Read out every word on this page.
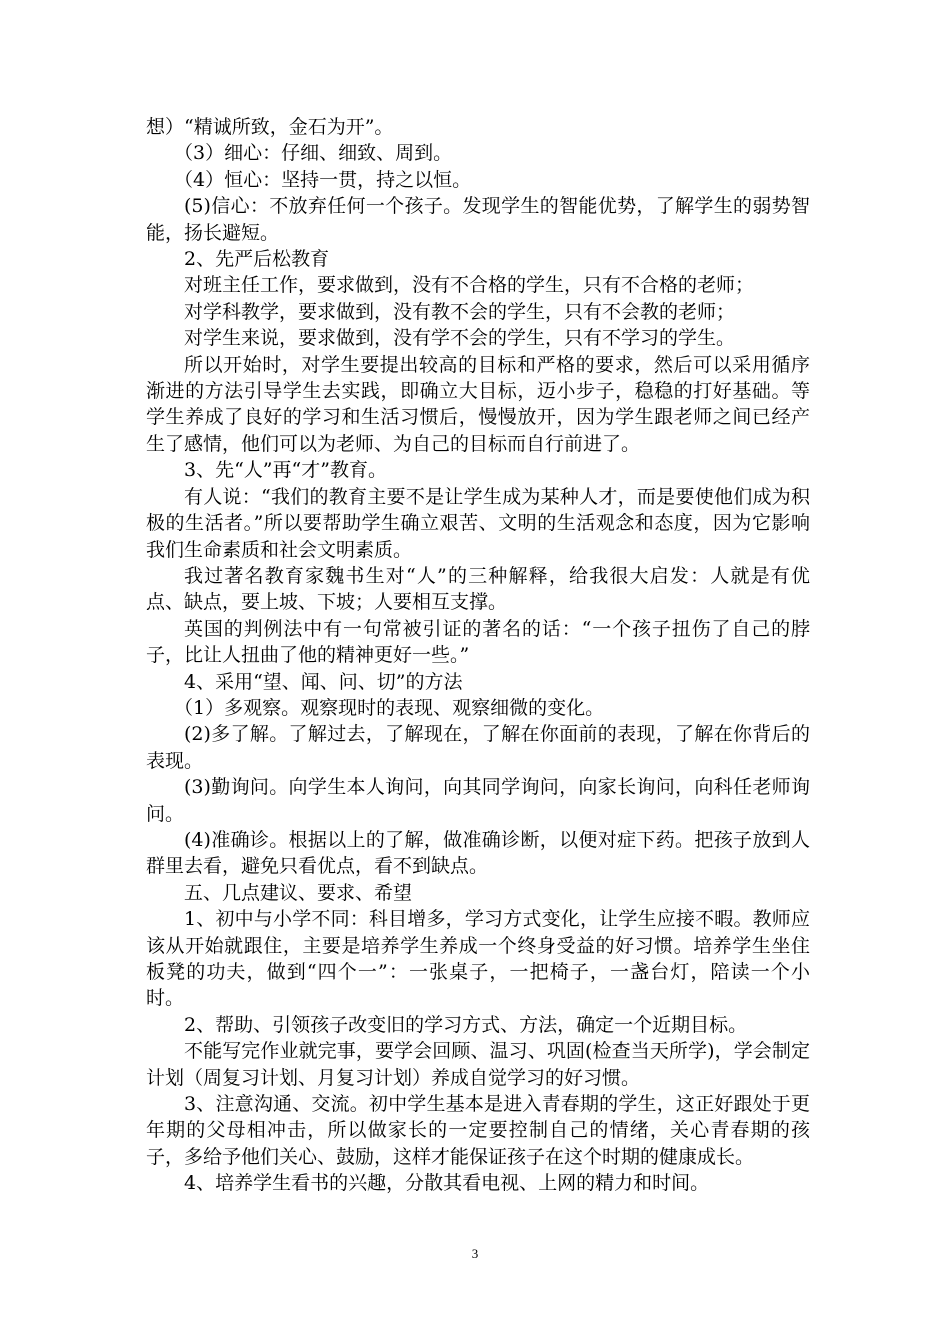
想）“精诚所致，金石为开”。

（3）细心：仔细、细致、周到。

（4）恒心：坚持一贯，持之以恒。

(5)信心：不放弃任何一个孩子。发现学生的智能优势，了解学生的弱势智能，扬长避短。

2、先严后松教育

对班主任工作，要求做到，没有不合格的学生，只有不合格的老师；

对学科教学，要求做到，没有教不会的学生，只有不会教的老师；

对学生来说，要求做到，没有学不会的学生，只有不学习的学生。

所以开始时，对学生要提出较高的目标和严格的要求，然后可以采用循序渐进的方法引导学生去实践，即确立大目标，迈小步子，稳稳的打好基础。等学生养成了良好的学习和生活习惯后，慢慢放开，因为学生跟老师之间已经产生了感情，他们可以为老师、为自己的目标而自行前进了。

3、先“人”再“才”教育。

有人说：“我们的教育主要不是让学生成为某种人才，而是要使他们成为积极的生活者。”所以要帮助学生确立艰苦、文明的生活观念和态度，因为它影响我们生命素质和社会文明素质。

我过著名教育家魏书生对“人”的三种解释，给我很大启发：人就是有优点、缺点，要上坡、下坡；人要相互支撑。

英国的判例法中有一句常被引证的著名的话：“一个孩子扭伤了自己的脖子，比让人扭曲了他的精神更好一些。”

4、采用“望、闻、问、切”的方法

（1）多观察。观察现时的表现、观察细微的变化。

(2)多了解。了解过去，了解现在，了解在你面前的表现，了解在你背后的表现。

(3)勤询问。向学生本人询问，向其同学询问，向家长询问，向科任老师询问。

(4)准确诊。根据以上的了解，做准确诊断，以便对症下药。把孩子放到人群里去看，避免只看优点，看不到缺点。

五、几点建议、要求、希望

1、初中与小学不同：科目增多，学习方式变化，让学生应接不暇。教师应该从开始就跟住，主要是培养学生养成一个终身受益的好习惯。培养学生坐住板凳的功夫，做到“四个一”：一张桌子，一把椅子，一盏台灯，陪读一个小时。

2、帮助、引领孩子改变旧的学习方式、方法，确定一个近期目标。

不能写完作业就完事，要学会回顾、温习、巩固(检查当天所学)，学会制定计划（周复习计划、月复习计划）养成自觉学习的好习惯。

3、注意沟通、交流。初中学生基本是进入青春期的学生，这正好跟处于更年期的父母相冲击，所以做家长的一定要控制自己的情绪，关心青春期的孩子，多给予他们关心、鼓励，这样才能保证孩子在这个时期的健康成长。

4、培养学生看书的兴趣，分散其看电视、上网的精力和时间。

3
